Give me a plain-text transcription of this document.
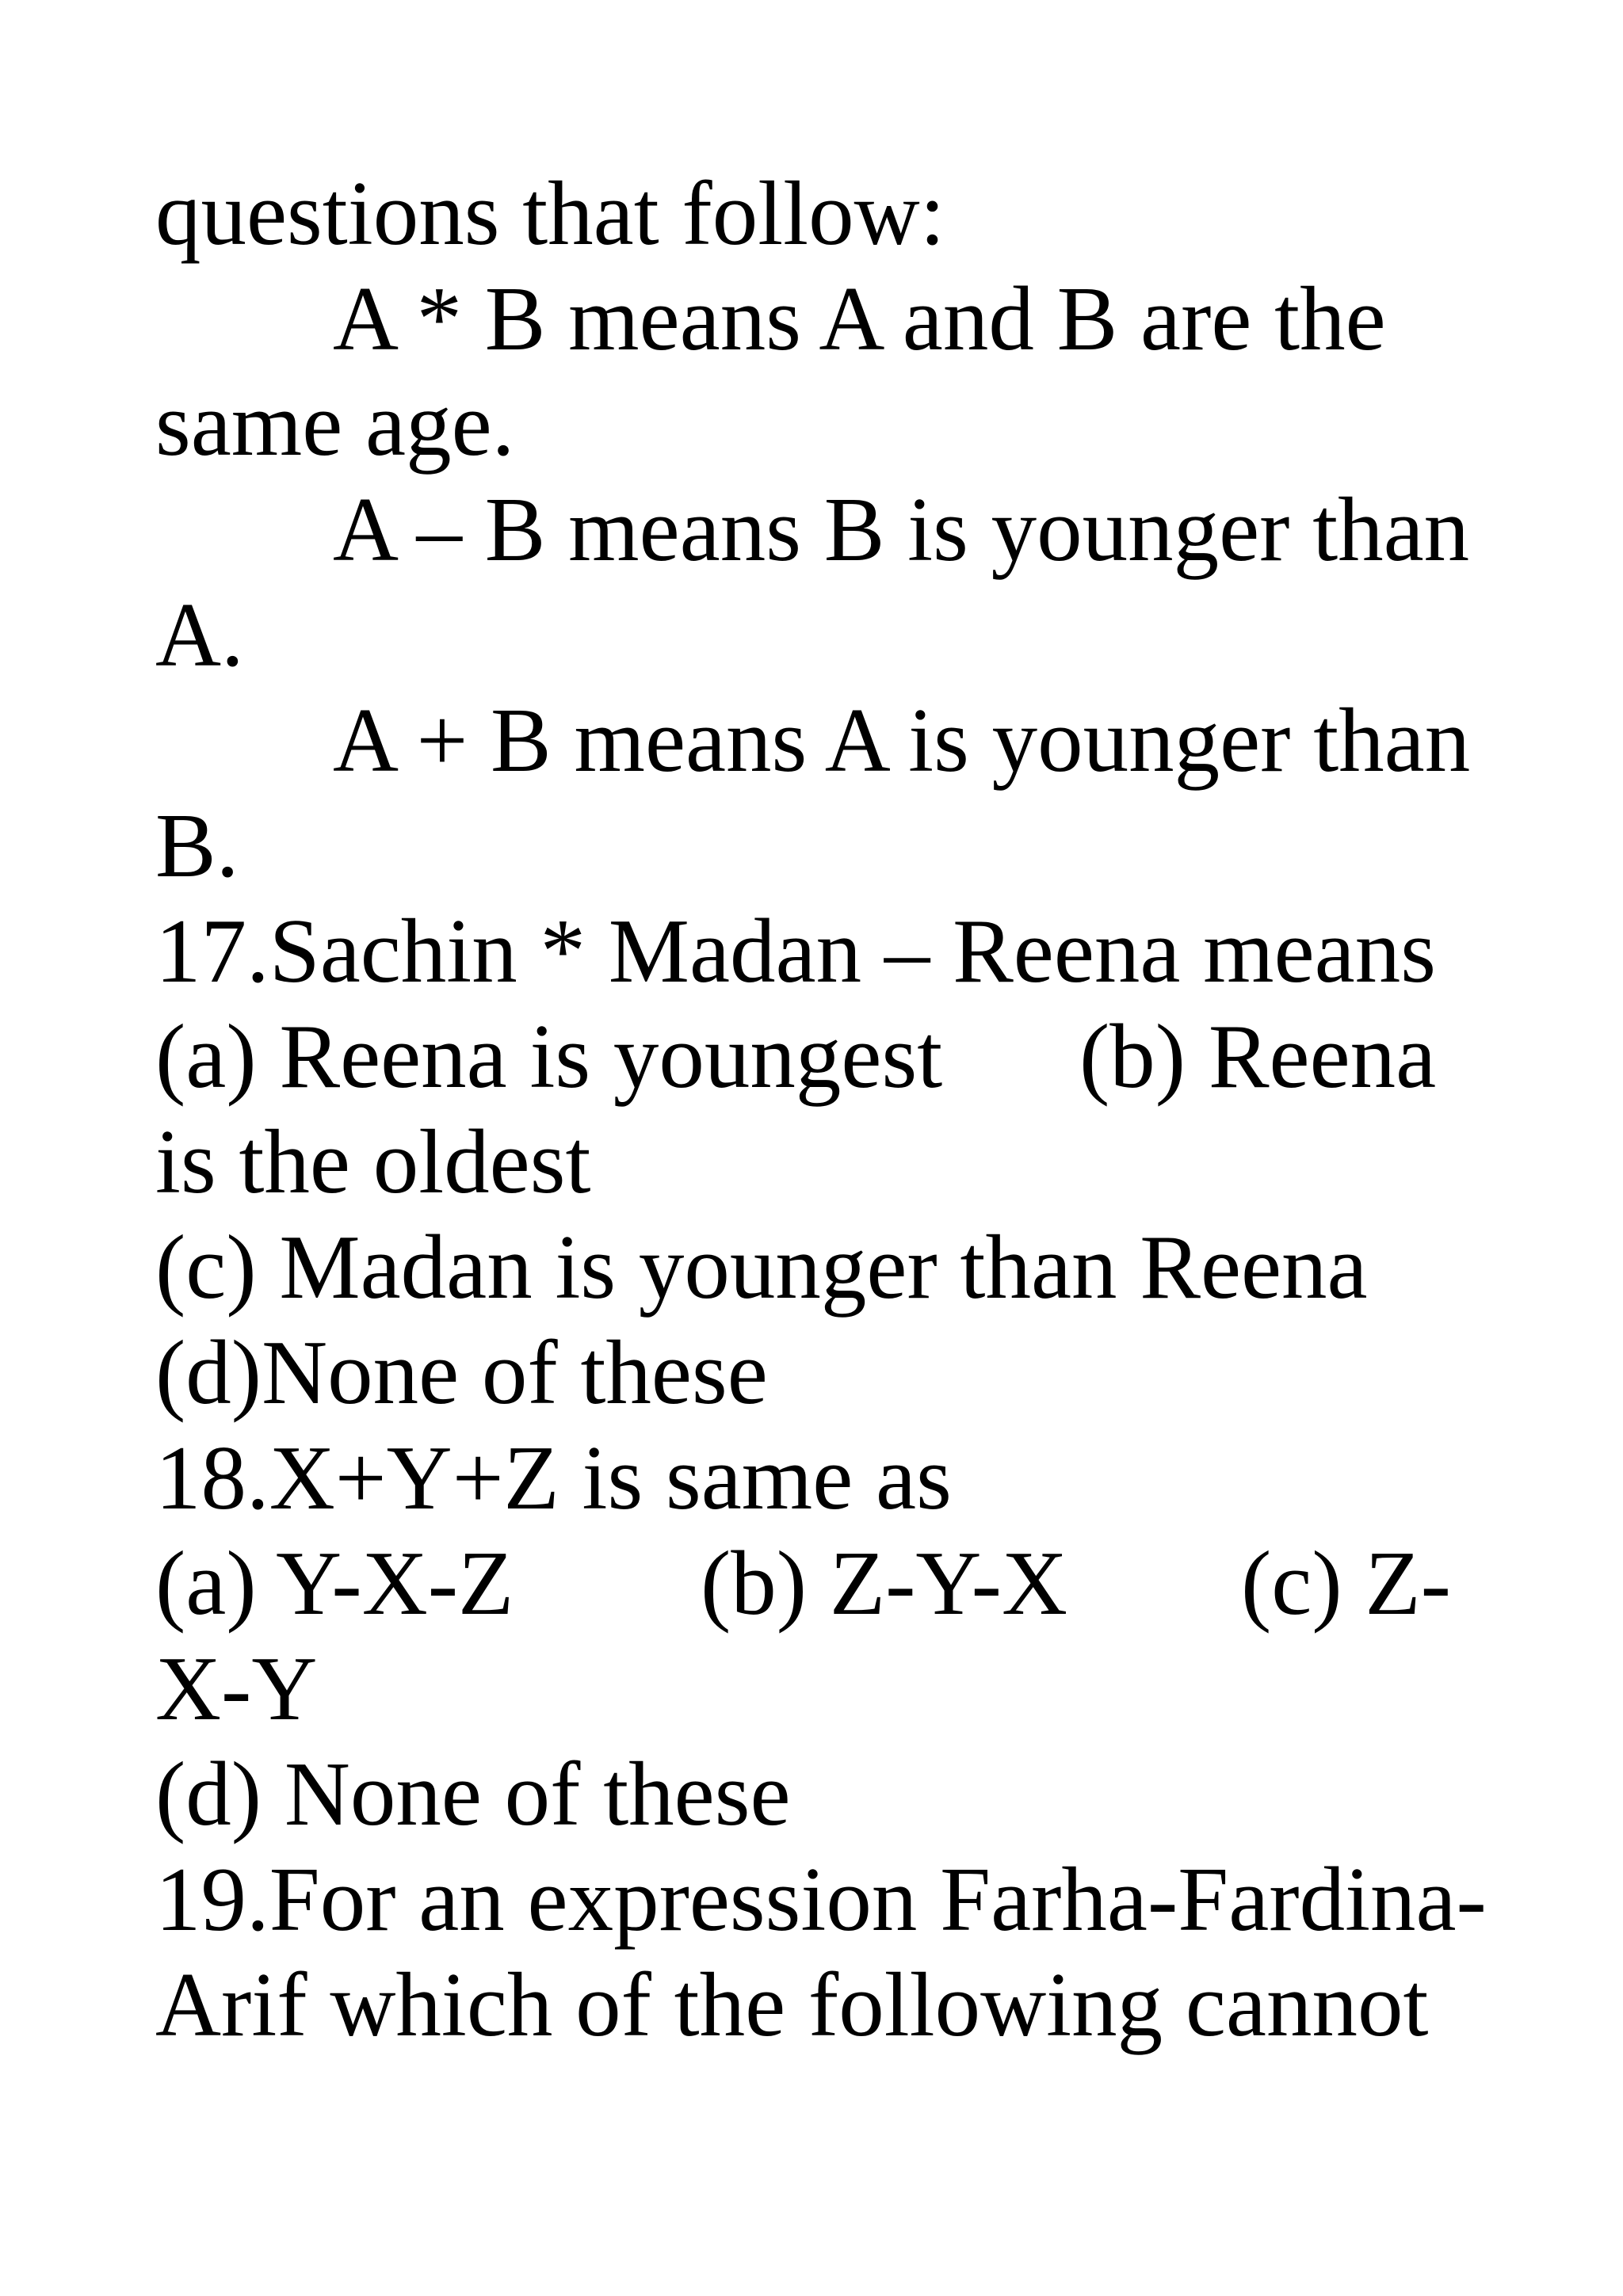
questions that follow:
A * B means A and B are the
same age.
A – B means B is younger than
A.
A + B means A is younger than
B.
17.Sachin * Madan – Reena means
(a) Reena is youngest (b) Reena
is the oldest
(c) Madan is younger than Reena
(d)None of these
18.X+Y+Z is same as
(a) Y-X-Z (b) Z-Y-X (c) Z-
X-Y
(d) None of these
19.For an expression Farha-Fardina-
Arif which of the following cannot
